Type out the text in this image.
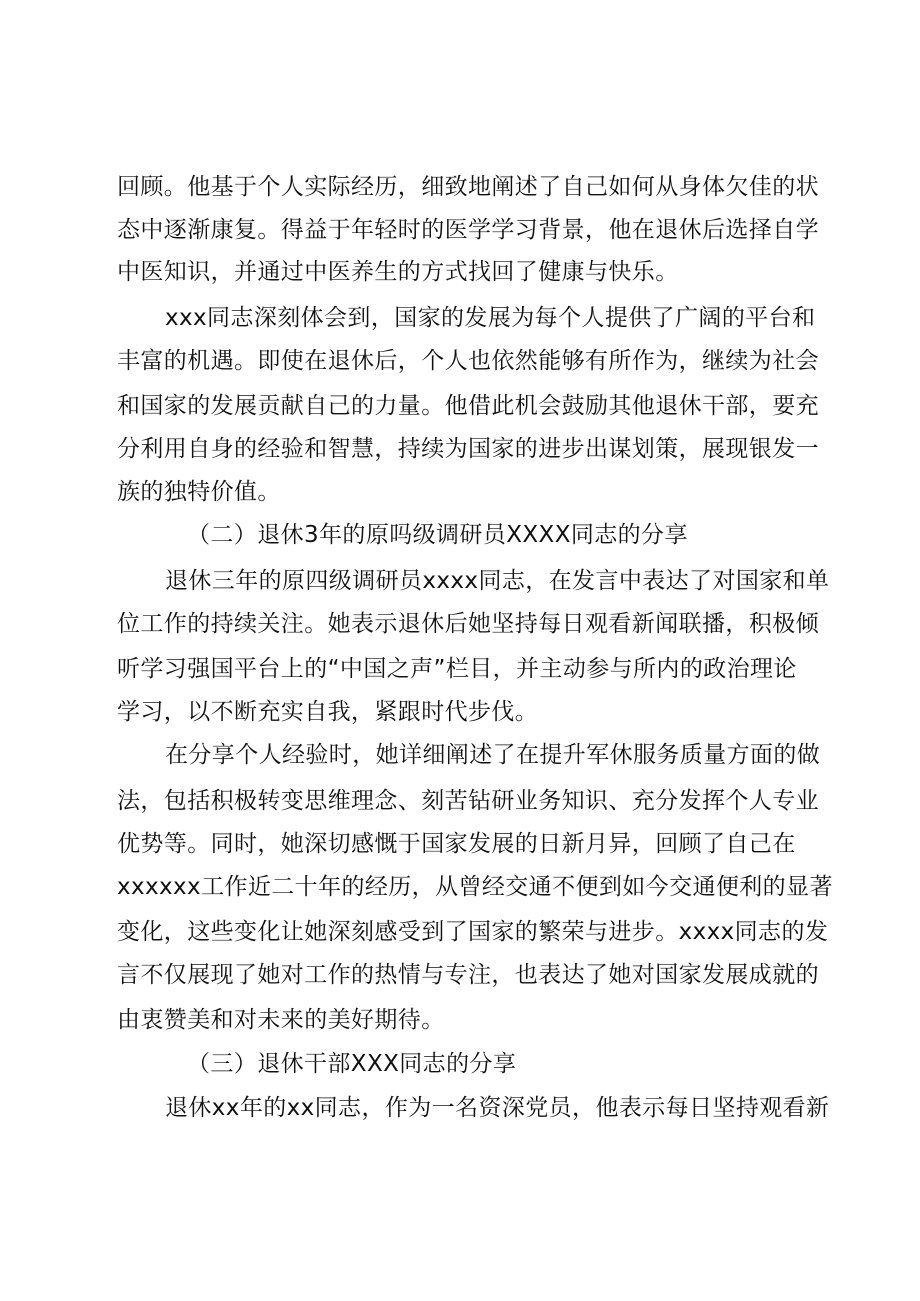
回顾。他基于个人实际经历，细致地阐述了自己如何从身体欠佳的状
态中逐渐康复。得益于年轻时的医学学习背景，他在退休后选择自学
中医知识，并通过中医养生的方式找回了健康与快乐。
xxx同志深刻体会到，国家的发展为每个人提供了广阔的平台和
丰富的机遇。即使在退休后，个人也依然能够有所作为，继续为社会
和国家的发展贡献自己的力量。他借此机会鼓励其他退休干部，要充
分利用自身的经验和智慧，持续为国家的进步出谋划策，展现银发一
族的独特价值。
（二）退休3年的原吗级调研员XXXX同志的分享
退休三年的原四级调研员xxxx同志，在发言中表达了对国家和单
位工作的持续关注。她表示退休后她坚持每日观看新闻联播，积极倾
听学习强国平台上的“中国之声”栏目，并主动参与所内的政治理论
学习，以不断充实自我，紧跟时代步伐。
在分享个人经验时，她详细阐述了在提升军休服务质量方面的做
法，包括积极转变思维理念、刻苦钻研业务知识、充分发挥个人专业
优势等。同时，她深切感慨于国家发展的日新月异，回顾了自己在
xxxxxx工作近二十年的经历，从曾经交通不便到如今交通便利的显著
变化，这些变化让她深刻感受到了国家的繁荣与进步。xxxx同志的发
言不仅展现了她对工作的热情与专注，也表达了她对国家发展成就的
由衷赞美和对未来的美好期待。
（三）退休干部XXX同志的分享
退休xx年的xx同志，作为一名资深党员，他表示每日坚持观看新
